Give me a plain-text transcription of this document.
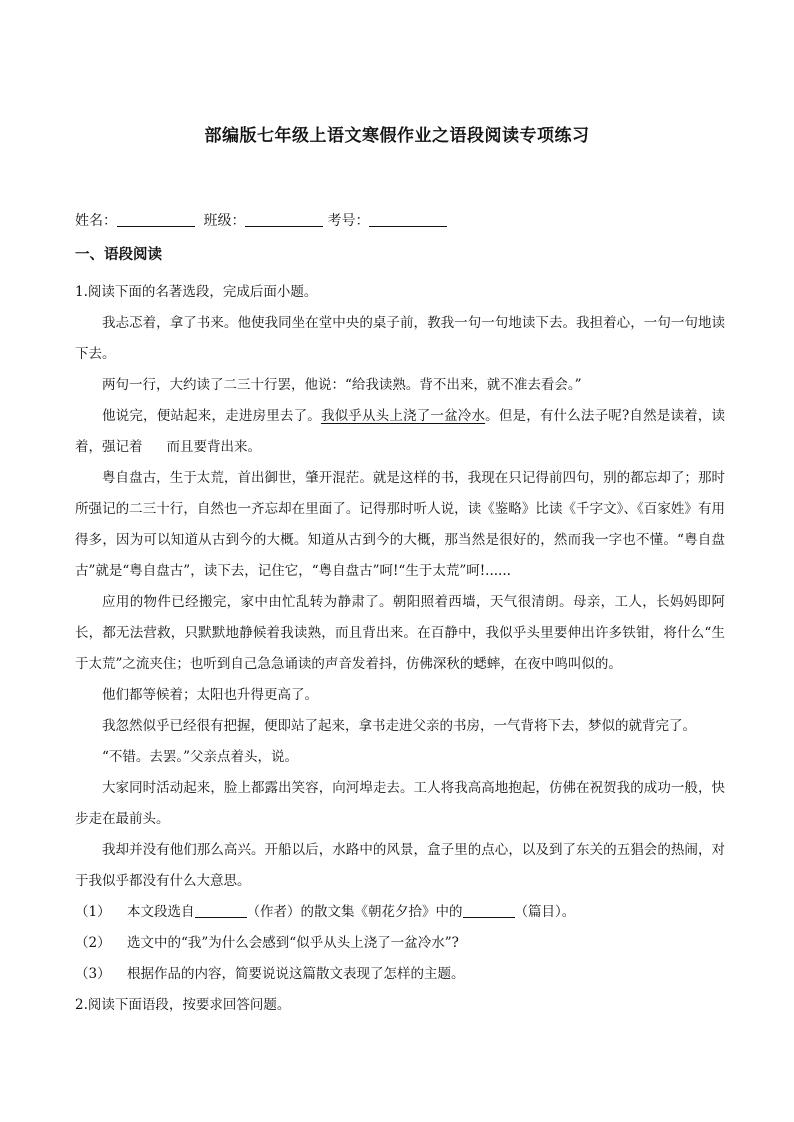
部编版七年级上语文寒假作业之语段阅读专项练习
姓名：	班级：	考号：
一、语段阅读

1.阅读下面的名著选段，完成后面小题。

我忐忑着，拿了书来。他使我同坐在堂中央的桌子前，教我一句一句地读下去。我担着心，一句一句地读下去。

两句一行，大约读了二三十行罢，他说：“给我读熟。背不出来，就不准去看会。”

他说完，便站起来，走进房里去了。我似乎从头上浇了一盆冷水。但是，有什么法子呢?自然是读着，读着，强记着 而且要背出来。

粤自盘古，生于太荒，首出御世，肇开混茫。就是这样的书，我现在只记得前四句，别的都忘却了；那时所强记的二三十行，自然也一齐忘却在里面了。记得那时听人说，读《鉴略》比读《千字文》、《百家姓》有用得多，因为可以知道从古到今的大概。知道从古到今的大概，那当然是很好的，然而我一字也不懂。“粤自盘古”就是“粤自盘古”，读下去，记住它，“粤自盘古”呵!“生于太荒”呵!......

应用的物件已经搬完，家中由忙乱转为静肃了。朝阳照着西墙，天气很清朗。母亲，工人，长妈妈即阿长，都无法营救，只默默地静候着我读熟，而且背出来。在百静中，我似乎头里要伸出许多铁钳，将什么“生于太荒”之流夹住；也听到自己急急诵读的声音发着抖，仿佛深秋的蟋蟀，在夜中鸣叫似的。

他们都等候着；太阳也升得更高了。

我忽然似乎已经很有把握，便即站了起来，拿书走进父亲的书房，一气背将下去，梦似的就背完了。

“不错。去罢。”父亲点着头，说。

大家同时活动起来，脸上都露出笑容，向河埠走去。工人将我高高地抱起，仿佛在祝贺我的成功一般，快步走在最前头。

我却并没有他们那么高兴。开船以后，水路中的风景，盒子里的点心，以及到了东关的五猖会的热闹，对于我似乎都没有什么大意思。

（1） 本文段选自	（作者）的散文集《朝花夕拾》中的	（篇目）。

（2） 选文中的“我”为什么会感到“似乎从头上浇了一盆冷水”?

（3） 根据作品的内容，简要说说这篇散文表现了怎样的主题。

2.阅读下面语段，按要求回答问题。
